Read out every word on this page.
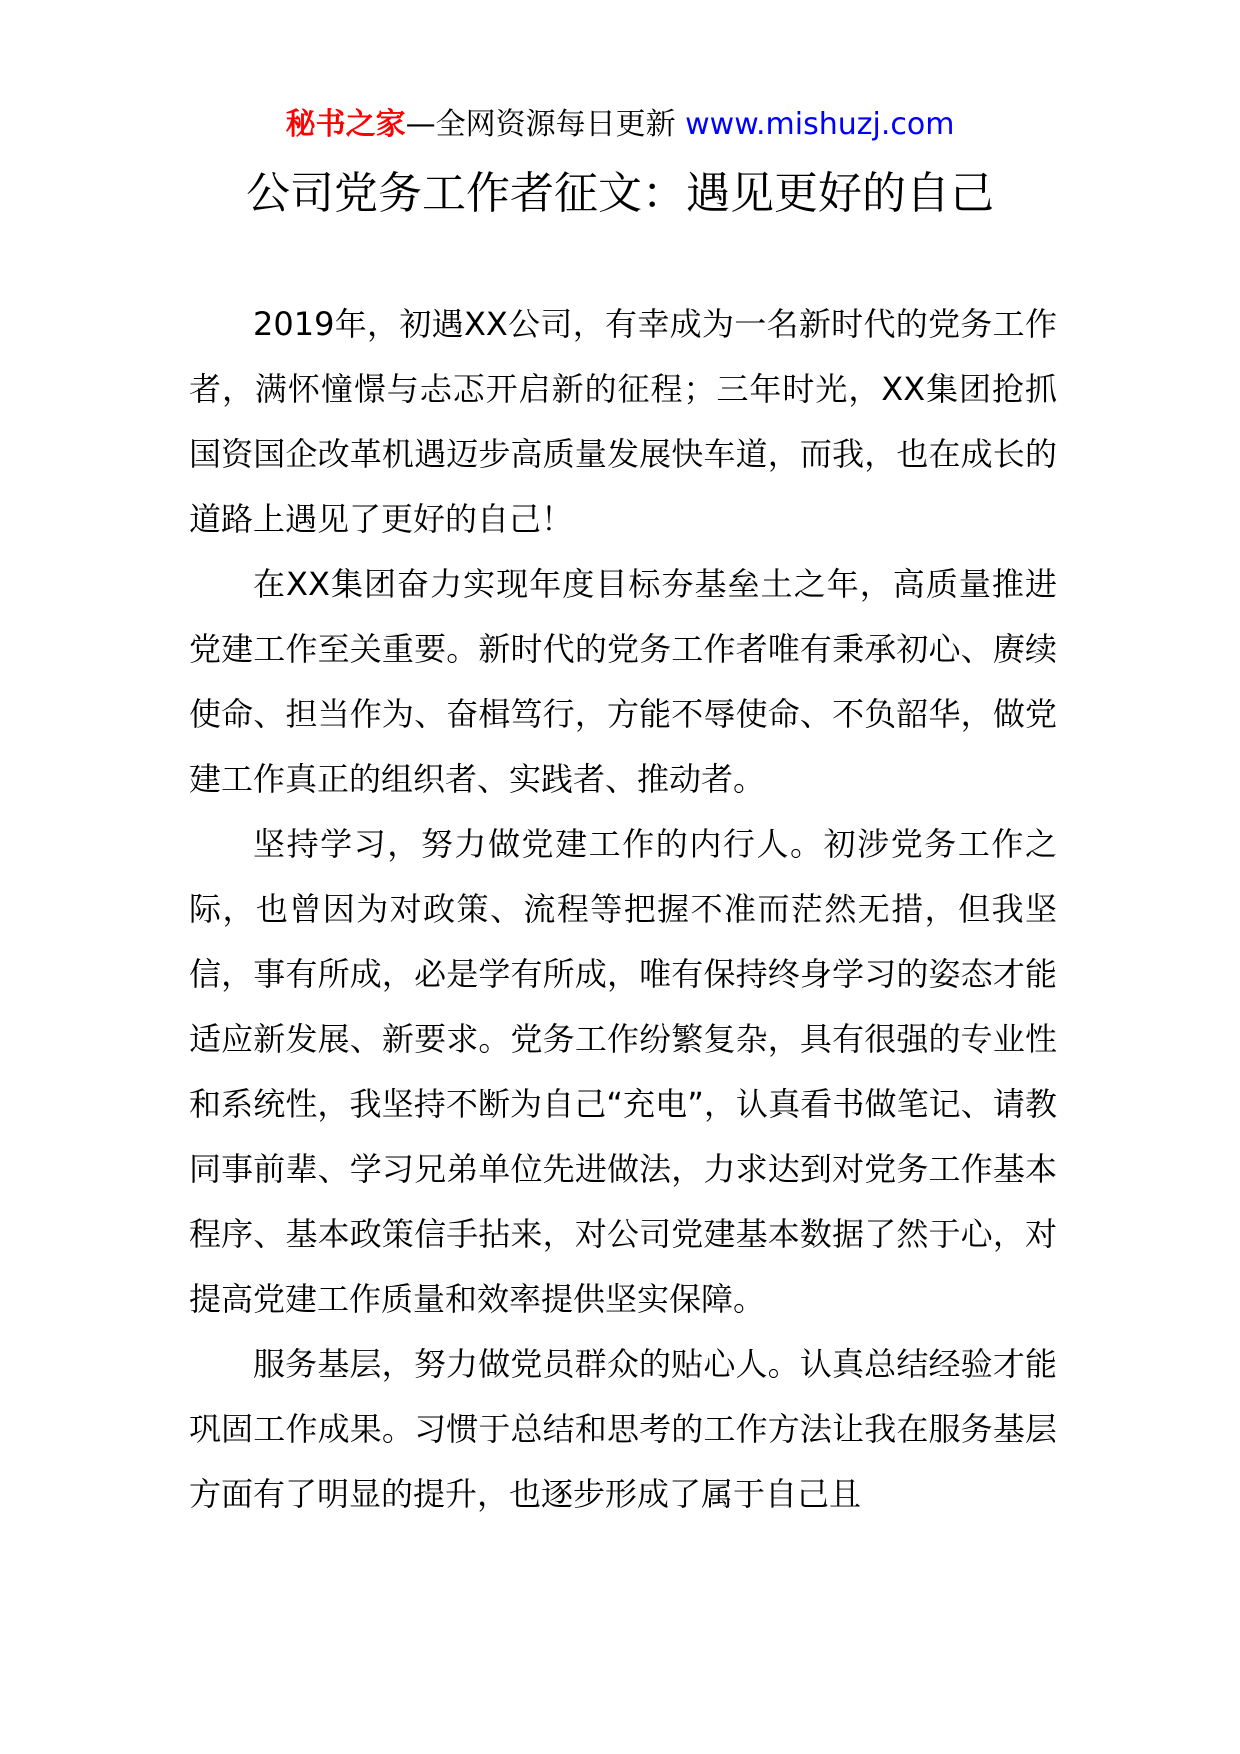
秘书之家—全网资源每日更新 www.mishuzj.com
公司党务工作者征文：遇见更好的自己

2019年，初遇XX公司，有幸成为一名新时代的党务工作者，满怀憧憬与忐忑开启新的征程；三年时光，XX集团抢抓国资国企改革机遇迈步高质量发展快车道，而我，也在成长的道路上遇见了更好的自己！

在XX集团奋力实现年度目标夯基垒土之年，高质量推进党建工作至关重要。新时代的党务工作者唯有秉承初心、赓续使命、担当作为、奋楫笃行，方能不辱使命、不负韶华，做党建工作真正的组织者、实践者、推动者。

坚持学习，努力做党建工作的内行人。初涉党务工作之际，也曾因为对政策、流程等把握不准而茫然无措，但我坚信，事有所成，必是学有所成，唯有保持终身学习的姿态才能适应新发展、新要求。党务工作纷繁复杂，具有很强的专业性和系统性，我坚持不断为自己“充电”，认真看书做笔记、请教同事前辈、学习兄弟单位先进做法，力求达到对党务工作基本程序、基本政策信手拈来，对公司党建基本数据了然于心，对提高党建工作质量和效率提供坚实保障。

服务基层，努力做党员群众的贴心人。认真总结经验才能巩固工作成果。习惯于总结和思考的工作方法让我在服务基层方面有了明显的提升，也逐步形成了属于自己且
